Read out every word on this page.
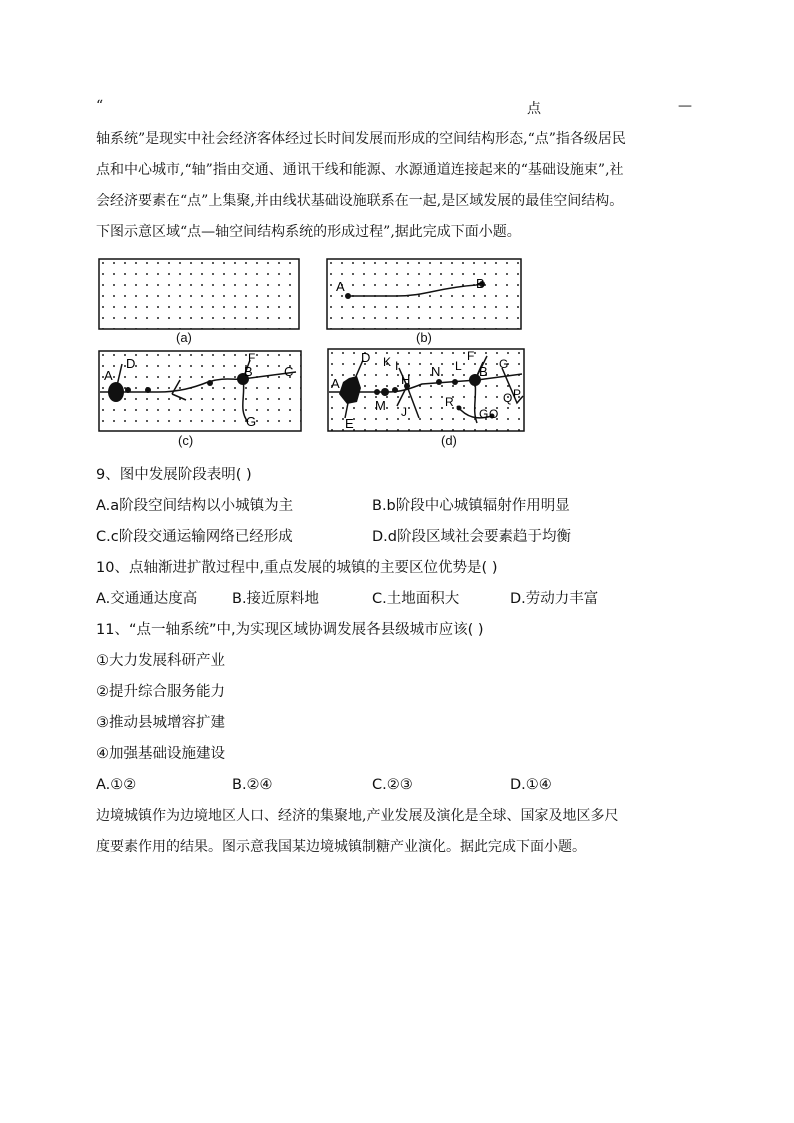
“	点	—
轴系统”是现实中社会经济客体经过长时间发展而形成的空间结构形态,“点”指各级居民
点和中心城市,“轴”指由交通、通讯干线和能源、水源通道连接起来的“基础设施束”,社
会经济要素在“点”上集聚,并由线状基础设施联系在一起,是区域发展的最佳空间结构。
下图示意区域“点—轴空间结构系统的形成过程”,据此完成下面小题。
(a)
A	B
(b)
A
D	F
B C
G
(c)
A
D K I
H
N L
F
B G
M J
R
E
G O
Q P
(d)
9、图中发展阶段表明( )
A.a阶段空间结构以小城镇为主	B.b阶段中心城镇辐射作用明显
C.c阶段交通运输网络已经形成	D.d阶段区域社会要素趋于均衡
10、点轴渐进扩散过程中,重点发展的城镇的主要区位优势是( )
A.交通通达度高 B.接近原料地	C.土地面积大	D.劳动力丰富
11、“点一轴系统”中,为实现区域协调发展各县级城市应该( )
①大力发展科研产业
②提升综合服务能力
③推动县城增容扩建
④加强基础设施建设
A.①②	B.②④	C.②③	D.①④
边境城镇作为边境地区人口、经济的集聚地,产业发展及演化是全球、国家及地区多尺
度要素作用的结果。图示意我国某边境城镇制糖产业演化。据此完成下面小题。
